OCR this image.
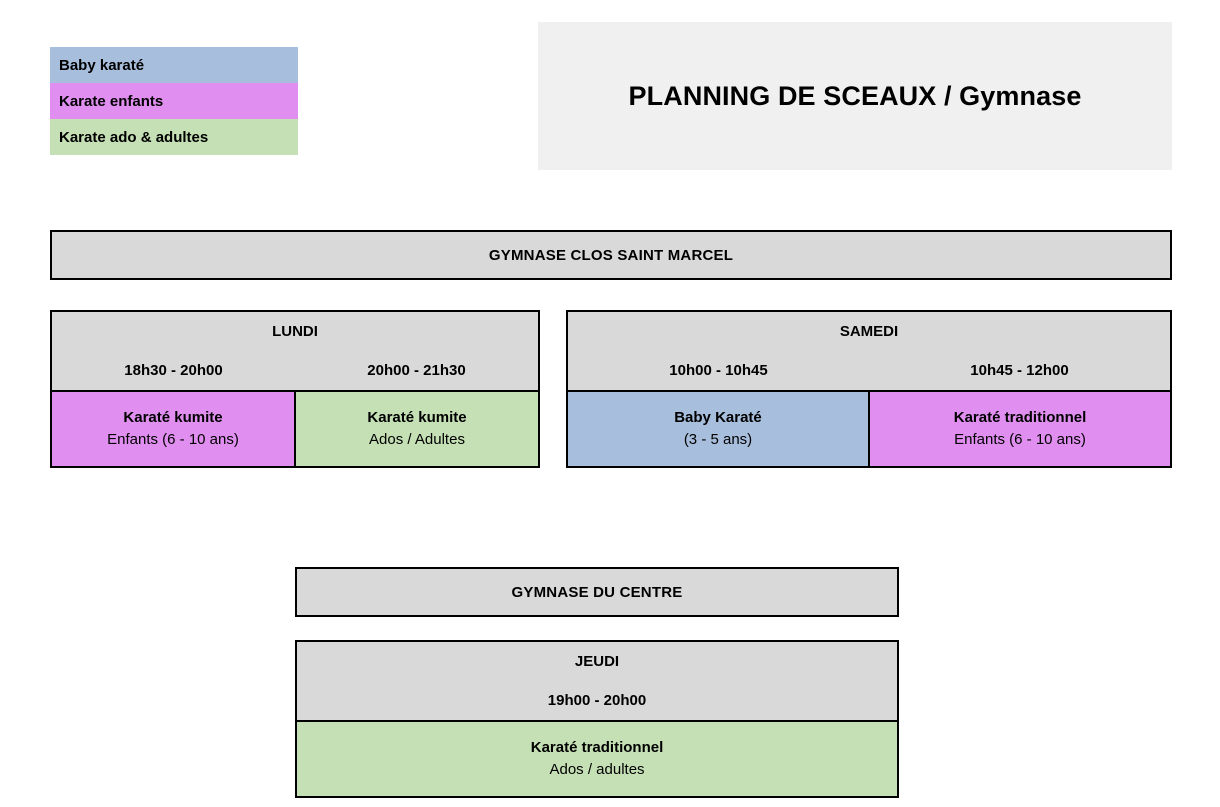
Baby karaté
Karate enfants
Karate ado & adultes
PLANNING DE SCEAUX / Gymnase
GYMNASE CLOS SAINT MARCEL
LUNDI
18h30 - 20h00	20h00 - 21h30
Karaté kumite
Enfants (6 - 10 ans)
Karaté kumite
Ados / Adultes
SAMEDI
10h00 - 10h45	10h45 - 12h00
Baby Karaté
(3 - 5 ans)
Karaté traditionnel
Enfants (6 - 10 ans)
GYMNASE DU CENTRE
JEUDI
19h00 - 20h00
Karaté traditionnel
Ados / adultes
